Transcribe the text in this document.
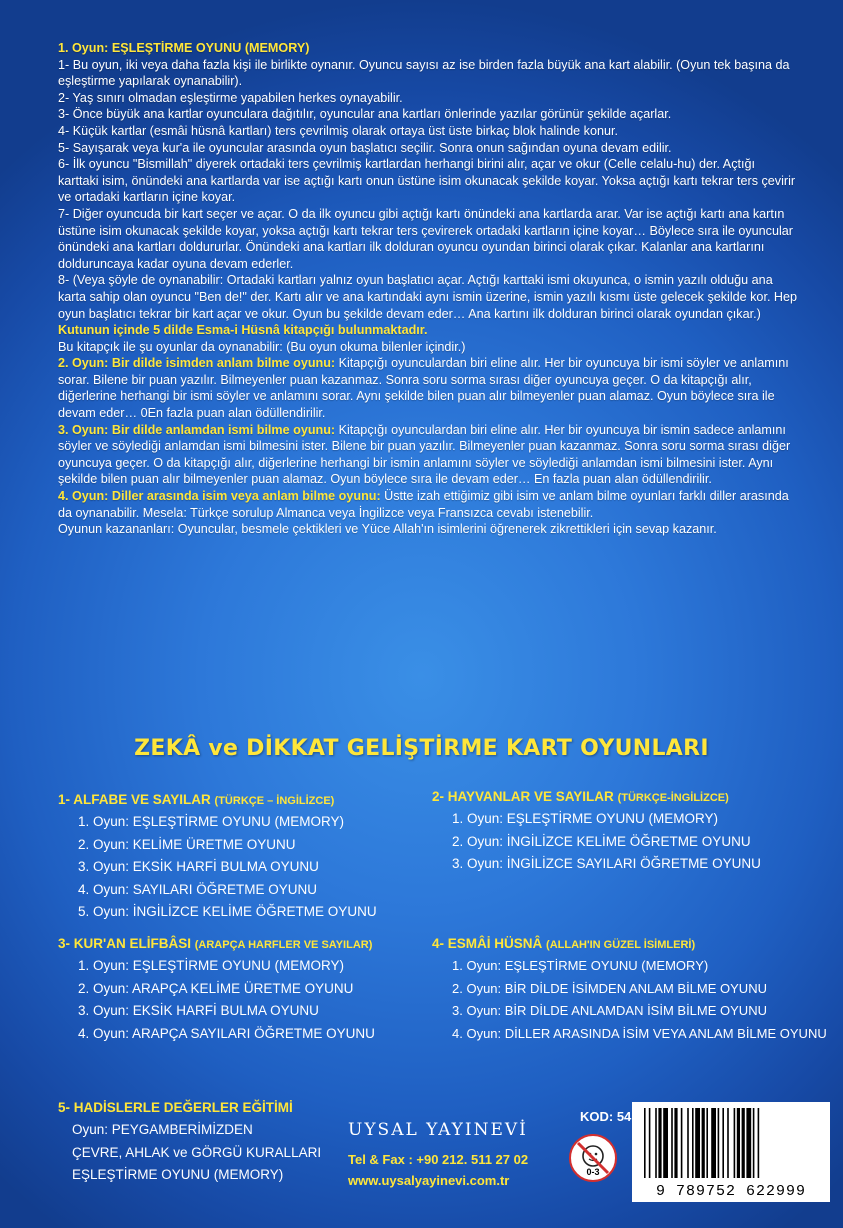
1. Oyun: EŞLEŞTİRME OYUNU (MEMORY)

1- Bu oyun, iki veya daha fazla kişi ile birlikte oynanır. Oyuncu sayısı az ise birden fazla büyük ana kart alabilir. (Oyun tek başına da eşleştirme yapılarak oynanabilir).

2- Yaş sınırı olmadan eşleştirme yapabilen herkes oynayabilir.

3- Önce büyük ana kartlar oyunculara dağıtılır, oyuncular ana kartları önlerinde yazılar görünür şekilde açarlar.

4- Küçük kartlar (esmâi hüsnâ kartları) ters çevrilmiş olarak ortaya üst üste birkaç blok halinde konur.

5- Sayışarak veya kur'a ile oyuncular arasında oyun başlatıcı seçilir. Sonra onun sağından oyuna devam edilir.

6- İlk oyuncu "Bismillah" diyerek ortadaki ters çevrilmiş kartlardan herhangi birini alır, açar ve okur (Celle celalu-hu) der. Açtığı karttaki isim, önündeki ana kartlarda var ise açtığı kartı onun üstüne isim okunacak şekilde koyar. Yoksa açtığı kartı tekrar ters çevirir ve ortadaki kartların içine koyar.

7- Diğer oyuncuda bir kart seçer ve açar. O da ilk oyuncu gibi açtığı kartı önündeki ana kartlarda arar. Var ise açtığı kartı ana kartın üstüne isim okunacak şekilde koyar, yoksa açtığı kartı tekrar ters çevirerek ortadaki kartların içine koyar… Böylece sıra ile oyuncular önündeki ana kartları doldururlar. Önündeki ana kartları ilk dolduran oyuncu oyundan birinci olarak çıkar. Kalanlar ana kartlarını dolduruncaya kadar oyuna devam ederler.

8- (Veya şöyle de oynanabilir: Ortadaki kartları yalnız oyun başlatıcı açar. Açtığı karttaki ismi okuyunca, o ismin yazılı olduğu ana karta sahip olan oyuncu "Ben de!" der. Kartı alır ve ana kartındaki aynı ismin üzerine, ismin yazılı kısmı üste gelecek şekilde kor. Hep oyun başlatıcı tekrar bir kart açar ve okur. Oyun bu şekilde devam eder… Ana kartını ilk dolduran birinci olarak oyundan çıkar.)

Kutunun içinde 5 dilde Esma-i Hüsnâ kitapçığı bulunmaktadır.

Bu kitapçık ile şu oyunlar da oynanabilir: (Bu oyun okuma bilenler içindir.)

2. Oyun: Bir dilde isimden anlam bilme oyunu: Kitapçığı oyunculardan biri eline alır. Her bir oyuncuya bir ismi söyler ve anlamını sorar. Bilene bir puan yazılır. Bilmeyenler puan kazanmaz. Sonra soru sorma sırası diğer oyuncuya geçer. O da kitapçığı alır, diğerlerine herhangi bir ismi söyler ve anlamını sorar. Aynı şekilde bilen puan alır bilmeyenler puan alamaz. Oyun böylece sıra ile devam eder… 0En fazla puan alan ödüllendirilir.

3. Oyun: Bir dilde anlamdan ismi bilme oyunu: Kitapçığı oyunculardan biri eline alır. Her bir oyuncuya bir ismin sadece anlamını söyler ve söylediği anlamdan ismi bilmesini ister. Bilene bir puan yazılır. Bilmeyenler puan kazanmaz. Sonra soru sorma sırası diğer oyuncuya geçer. O da kitapçığı alır, diğerlerine herhangi bir ismin anlamını söyler ve söylediği anlamdan ismi bilmesini ister. Aynı şekilde bilen puan alır bilmeyenler puan alamaz. Oyun böylece sıra ile devam eder… En fazla puan alan ödüllendirilir.

4. Oyun: Diller arasında isim veya anlam bilme oyunu: Üstte izah ettiğimiz gibi isim ve anlam bilme oyunları farklı diller arasında da oynanabilir. Mesela: Türkçe sorulup Almanca veya İngilizce veya Fransızca cevabı istenebilir.

Oyunun kazananları: Oyuncular, besmele çektikleri ve Yüce Allah'ın isimlerini öğrenerek zikrettikleri için sevap kazanır.

ZEKÂ ve DİKKAT GELİŞTİRME KART OYUNLARI
1- ALFABE VE SAYILAR (TÜRKÇE – İNGİLİZCE)
1. Oyun: EŞLEŞTİRME OYUNU (MEMORY)
2. Oyun: KELİME ÜRETME OYUNU
3. Oyun: EKSİK HARFİ BULMA OYUNU
4. Oyun: SAYILARI ÖĞRETME OYUNU
5. Oyun: İNGİLİZCE KELİME ÖĞRETME OYUNU
2- HAYVANLAR VE SAYILAR (TÜRKÇE-İNGİLİZCE)
1. Oyun: EŞLEŞTİRME OYUNU (MEMORY)
2. Oyun: İNGİLİZCE KELİME ÖĞRETME OYUNU
3. Oyun: İNGİLİZCE SAYILARI ÖĞRETME OYUNU
3- KUR'AN ELİFBÂSI (ARAPÇA HARFLER VE SAYILAR)
1. Oyun: EŞLEŞTİRME OYUNU (MEMORY)
2. Oyun: ARAPÇA KELİME ÜRETME OYUNU
3. Oyun: EKSİK HARFİ BULMA OYUNU
4. Oyun: ARAPÇA SAYILARI ÖĞRETME OYUNU
4- ESMÂİ HÜSNÂ (ALLAH'IN GÜZEL İSİMLERİ)
1. Oyun: EŞLEŞTİRME OYUNU (MEMORY)
2. Oyun: BİR DİLDE İSİMDEN ANLAM BİLME OYUNU
3. Oyun: BİR DİLDE ANLAMDAN İSİM BİLME OYUNU
4. Oyun: DİLLER ARASINDA İSİM VEYA ANLAM BİLME OYUNU
5- HADİSLERLE DEĞERLER EĞİTİMİ
Oyun: PEYGAMBERİMİZDEN
ÇEVRE, AHLAK ve GÖRGÜ KURALLARI
EŞLEŞTİRME OYUNU (MEMORY)
UYSAL YAYINEVİ
Tel & Fax : +90 212. 511 27 02
www.uysalyayinevi.com.tr
KOD: 54
0-3
9 789752 622999
